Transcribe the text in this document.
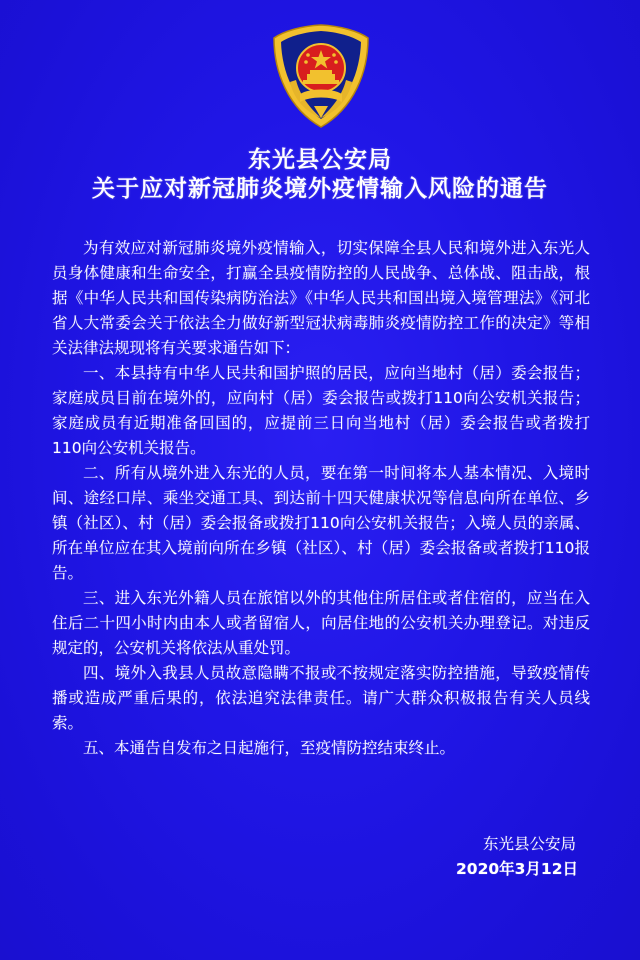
东光县公安局
关于应对新冠肺炎境外疫情输入风险的通告

为有效应对新冠肺炎境外疫情输入，切实保障全县人民和境外进入东光人员身体健康和生命安全，打赢全县疫情防控的人民战争、总体战、阻击战，根据《中华人民共和国传染病防治法》《中华人民共和国出境入境管理法》《河北省人大常委会关于依法全力做好新型冠状病毒肺炎疫情防控工作的决定》等相关法律法规现将有关要求通告如下：

一、本县持有中华人民共和国护照的居民，应向当地村（居）委会报告；家庭成员目前在境外的，应向村（居）委会报告或拨打110向公安机关报告；家庭成员有近期准备回国的，应提前三日向当地村（居）委会报告或者拨打110向公安机关报告。

二、所有从境外进入东光的人员，要在第一时间将本人基本情况、入境时间、途经口岸、乘坐交通工具、到达前十四天健康状况等信息向所在单位、乡镇（社区）、村（居）委会报备或拨打110向公安机关报告；入境人员的亲属、所在单位应在其入境前向所在乡镇（社区）、村（居）委会报备或者拨打110报告。

三、进入东光外籍人员在旅馆以外的其他住所居住或者住宿的，应当在入住后二十四小时内由本人或者留宿人，向居住地的公安机关办理登记。对违反规定的，公安机关将依法从重处罚。

四、境外入我县人员故意隐瞒不报或不按规定落实防控措施，导致疫情传播或造成严重后果的，依法追究法律责任。请广大群众积极报告有关人员线索。

五、本通告自发布之日起施行，至疫情防控结束终止。

东光县公安局
2020年3月12日
